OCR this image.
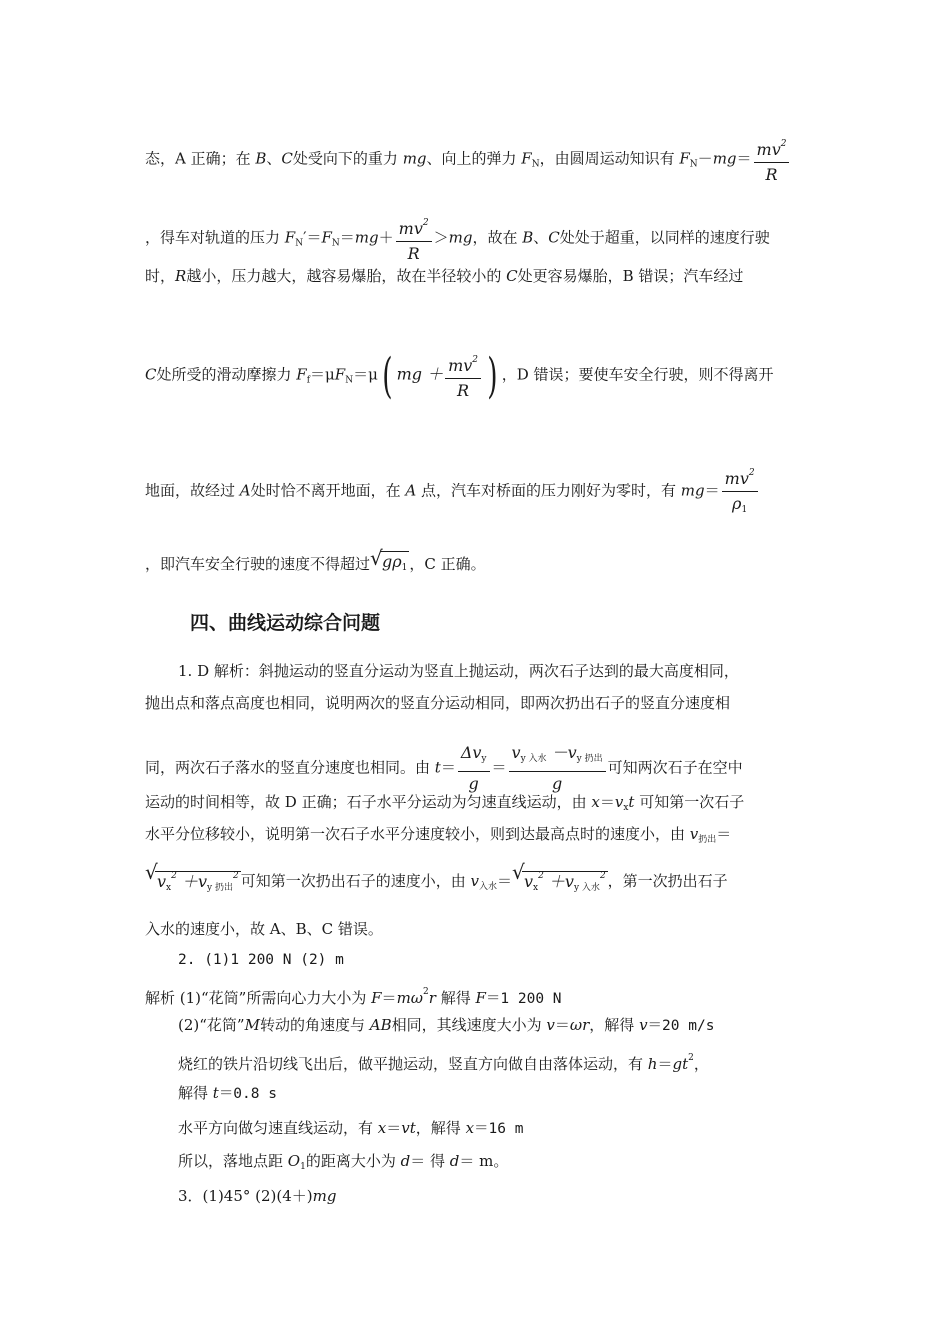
态，A 正确；在 B、C处受向下的重力 mg、向上的弹力 $F_N$，由圆周运动知识有 $F_N-mg= \frac{mv^2}{R}$
，得车对轨道的压力 $F_N'=F_N=mg+ \frac{mv^2}{R} >mg$，故在 B、C处处于超重，以同样的速度行驶
时，R越小，压力越大，越容易爆胎，故在半径较小的 C处更容易爆胎，B 错误；汽车经过
C处所受的滑动摩擦力 $F_f=\mu F_N=\mu$( mg ＋ $\frac{mv^2}{R}$ ) ，D 错误；要使车安全行驶，则不得离开
地面，故经过 A处时恰不离开地面，在 A 点，汽车对桥面的压力刚好为零时，有 $mg= \frac{mv^2}{\rho_1}$
，即汽车安全行驶的速度不得超过 √ $g\rho_1$ ，C 正确。
四、曲线运动综合问题
1. D 解析：斜抛运动的竖直分运动为竖直上抛运动，两次石子达到的最大高度相同，
抛出点和落点高度也相同，说明两次的竖直分运动相同，即两次扔出石子的竖直分速度相
同，两次石子落水的竖直分速度也相同。由 $t= \frac{\Delta v_y}{g} = \frac{v_{y 入水} -v_{y 扔出}}{g}$ 可知两次石子在空中
运动的时间相等，故 D 正确；石子水平分运动为匀速直线运动，由 $x=v_xt$ 可知第一次石子
水平分位移较小，说明第一次石子水平分速度较小，则到达最高点时的速度小，由 $v_{扔出}=$
√ $v_x^2 +v_{y 扔出}^2$ 可知第一次扔出石子的速度小，由 $v_{入水}=$ √ $v_x^2 +v_{y 入水}^2$ ，第一次扔出石子
入水的速度小，故 A、B、C 错误。
2. (1)1 200 N (2) m
解析 (1)“花筒”所需向心力大小为 $F=m\omega^2r$ 解得 F＝1 200 N
(2)“花筒”M转动的角速度与 AB相同，其线速度大小为 v＝ωr，解得 v＝20 m/s
烧红的铁片沿切线飞出后，做平抛运动，竖直方向做自由落体运动，有 $h=gt^2$，
解得 t＝0.8 s
水平方向做匀速直线运动，有 x＝vt，解得 x＝16 m
所以，落地点距 $O_1$的距离大小为 d＝ 得 d＝ m。
3．(1)45° (2)(4＋)mg
